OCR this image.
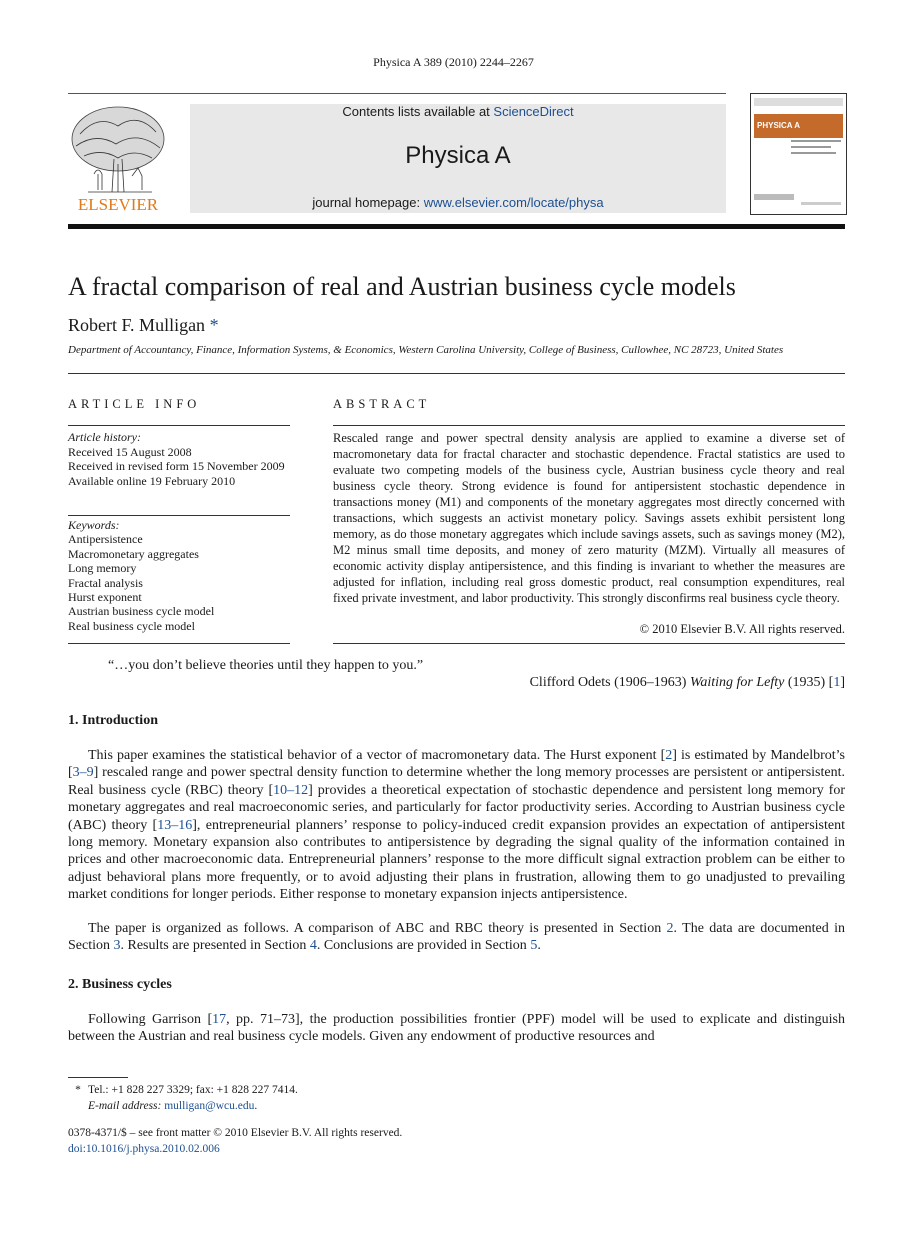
Physica A 389 (2010) 2244–2267
ELSEVIER
Contents lists available at ScienceDirect
Physica A
journal homepage: www.elsevier.com/locate/physa
PHYSICA A
A fractal comparison of real and Austrian business cycle models
Robert F. Mulligan *
Department of Accountancy, Finance, Information Systems, & Economics, Western Carolina University, College of Business, Cullowhee, NC 28723, United States
ARTICLE INFO	ABSTRACT
Article history:
Received 15 August 2008
Received in revised form 15 November 2009
Available online 19 February 2010
Keywords:
Antipersistence
Macromonetary aggregates
Long memory
Fractal analysis
Hurst exponent
Austrian business cycle model
Real business cycle model
Rescaled range and power spectral density analysis are applied to examine a diverse set of macromonetary data for fractal character and stochastic dependence. Fractal statistics are used to evaluate two competing models of the business cycle, Austrian business cycle theory and real business cycle theory. Strong evidence is found for antipersistent stochastic dependence in transactions money (M1) and components of the monetary aggregates most directly concerned with transactions, which suggests an activist monetary policy. Savings assets exhibit persistent long memory, as do those monetary aggregates which include savings assets, such as savings money (M2), M2 minus small time deposits, and money of zero maturity (MZM). Virtually all measures of economic activity display antipersistence, and this finding is invariant to whether the measures are adjusted for inflation, including real gross domestic product, real consumption expenditures, real fixed private investment, and labor productivity. This strongly disconfirms real business cycle theory.
© 2010 Elsevier B.V. All rights reserved.
“…you don’t believe theories until they happen to you.”
Clifford Odets (1906–1963) Waiting for Lefty (1935) [1]
1. Introduction
This paper examines the statistical behavior of a vector of macromonetary data. The Hurst exponent [2] is estimated by Mandelbrot’s [3–9] rescaled range and power spectral density function to determine whether the long memory processes are persistent or antipersistent. Real business cycle (RBC) theory [10–12] provides a theoretical expectation of stochastic dependence and persistent long memory for monetary aggregates and real macroeconomic series, and particularly for factor productivity series. According to Austrian business cycle (ABC) theory [13–16], entrepreneurial planners’ response to policy-induced credit expansion provides an expectation of antipersistent long memory. Monetary expansion also contributes to antipersistence by degrading the signal quality of the information contained in prices and other macroeconomic data. Entrepreneurial planners’ response to the more difficult signal extraction problem can be either to adjust behavioral plans more frequently, or to avoid adjusting their plans in frustration, allowing them to go unadjusted to prevailing market conditions for longer periods. Either response to monetary expansion injects antipersistence.
The paper is organized as follows. A comparison of ABC and RBC theory is presented in Section 2. The data are documented in Section 3. Results are presented in Section 4. Conclusions are provided in Section 5.
2. Business cycles
Following Garrison [17, pp. 71–73], the production possibilities frontier (PPF) model will be used to explicate and distinguish between the Austrian and real business cycle models. Given any endowment of productive resources and
* Tel.: +1 828 227 3329; fax: +1 828 227 7414.
E-mail address: mulligan@wcu.edu.
0378-4371/$ – see front matter © 2010 Elsevier B.V. All rights reserved.
doi:10.1016/j.physa.2010.02.006
